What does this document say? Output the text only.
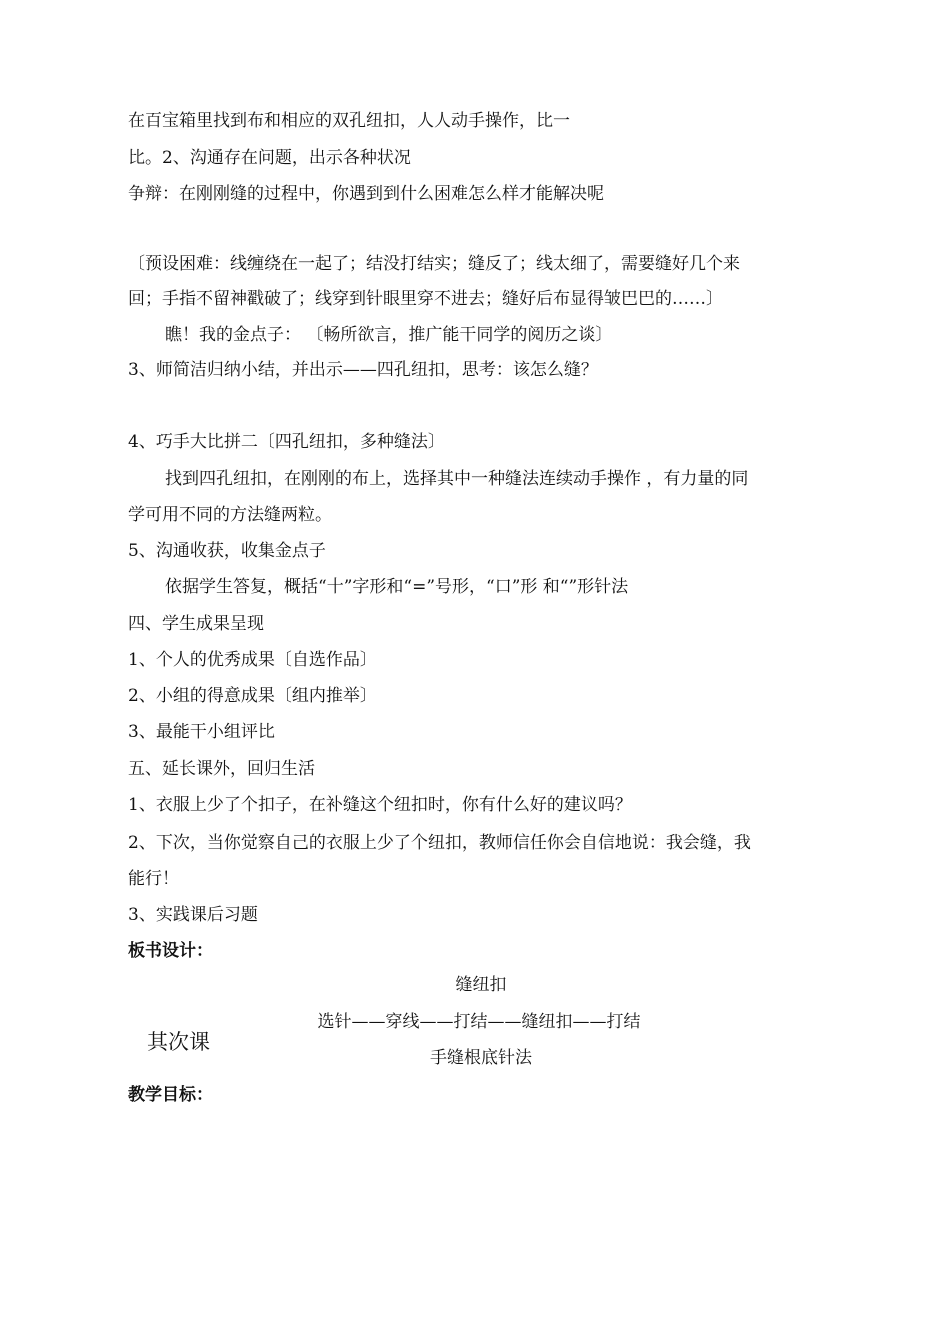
在百宝箱里找到布和相应的双孔纽扣，人人动手操作，比一
比。2、沟通存在问题，出示各种状况
争辩：在刚刚缝的过程中，你遇到到什么困难怎么样才能解决呢
〔预设困难：线缠绕在一起了；结没打结实；缝反了；线太细了，需要缝好几个来
回；手指不留神戳破了；线穿到针眼里穿不进去；缝好后布显得皱巴巴的……〕
瞧！我的金点子： 〔畅所欲言，推广能干同学的阅历之谈〕
3、师简洁归纳小结，并出示——四孔纽扣，思考：该怎么缝？
4、巧手大比拼二〔四孔纽扣，多种缝法〕
找到四孔纽扣，在刚刚的布上，选择其中一种缝法连续动手操作 ，有力量的同
学可用不同的方法缝两粒。
5、沟通收获，收集金点子
依据学生答复，概括“十”字形和“=”号形，“口”形 和“”形针法
四、学生成果呈现
1、个人的优秀成果〔自选作品〕
2、小组的得意成果〔组内推举〕
3、最能干小组评比
五、延长课外，回归生活
1、衣服上少了个扣子，在补缝这个纽扣时，你有什么好的建议吗？
2、下次，当你觉察自己的衣服上少了个纽扣，教师信任你会自信地说：我会缝，我
能行！
3、实践课后习题
板书设计：
缝纽扣
选针——穿线——打结——缝纽扣——打结
其次课
手缝根底针法
教学目标：
